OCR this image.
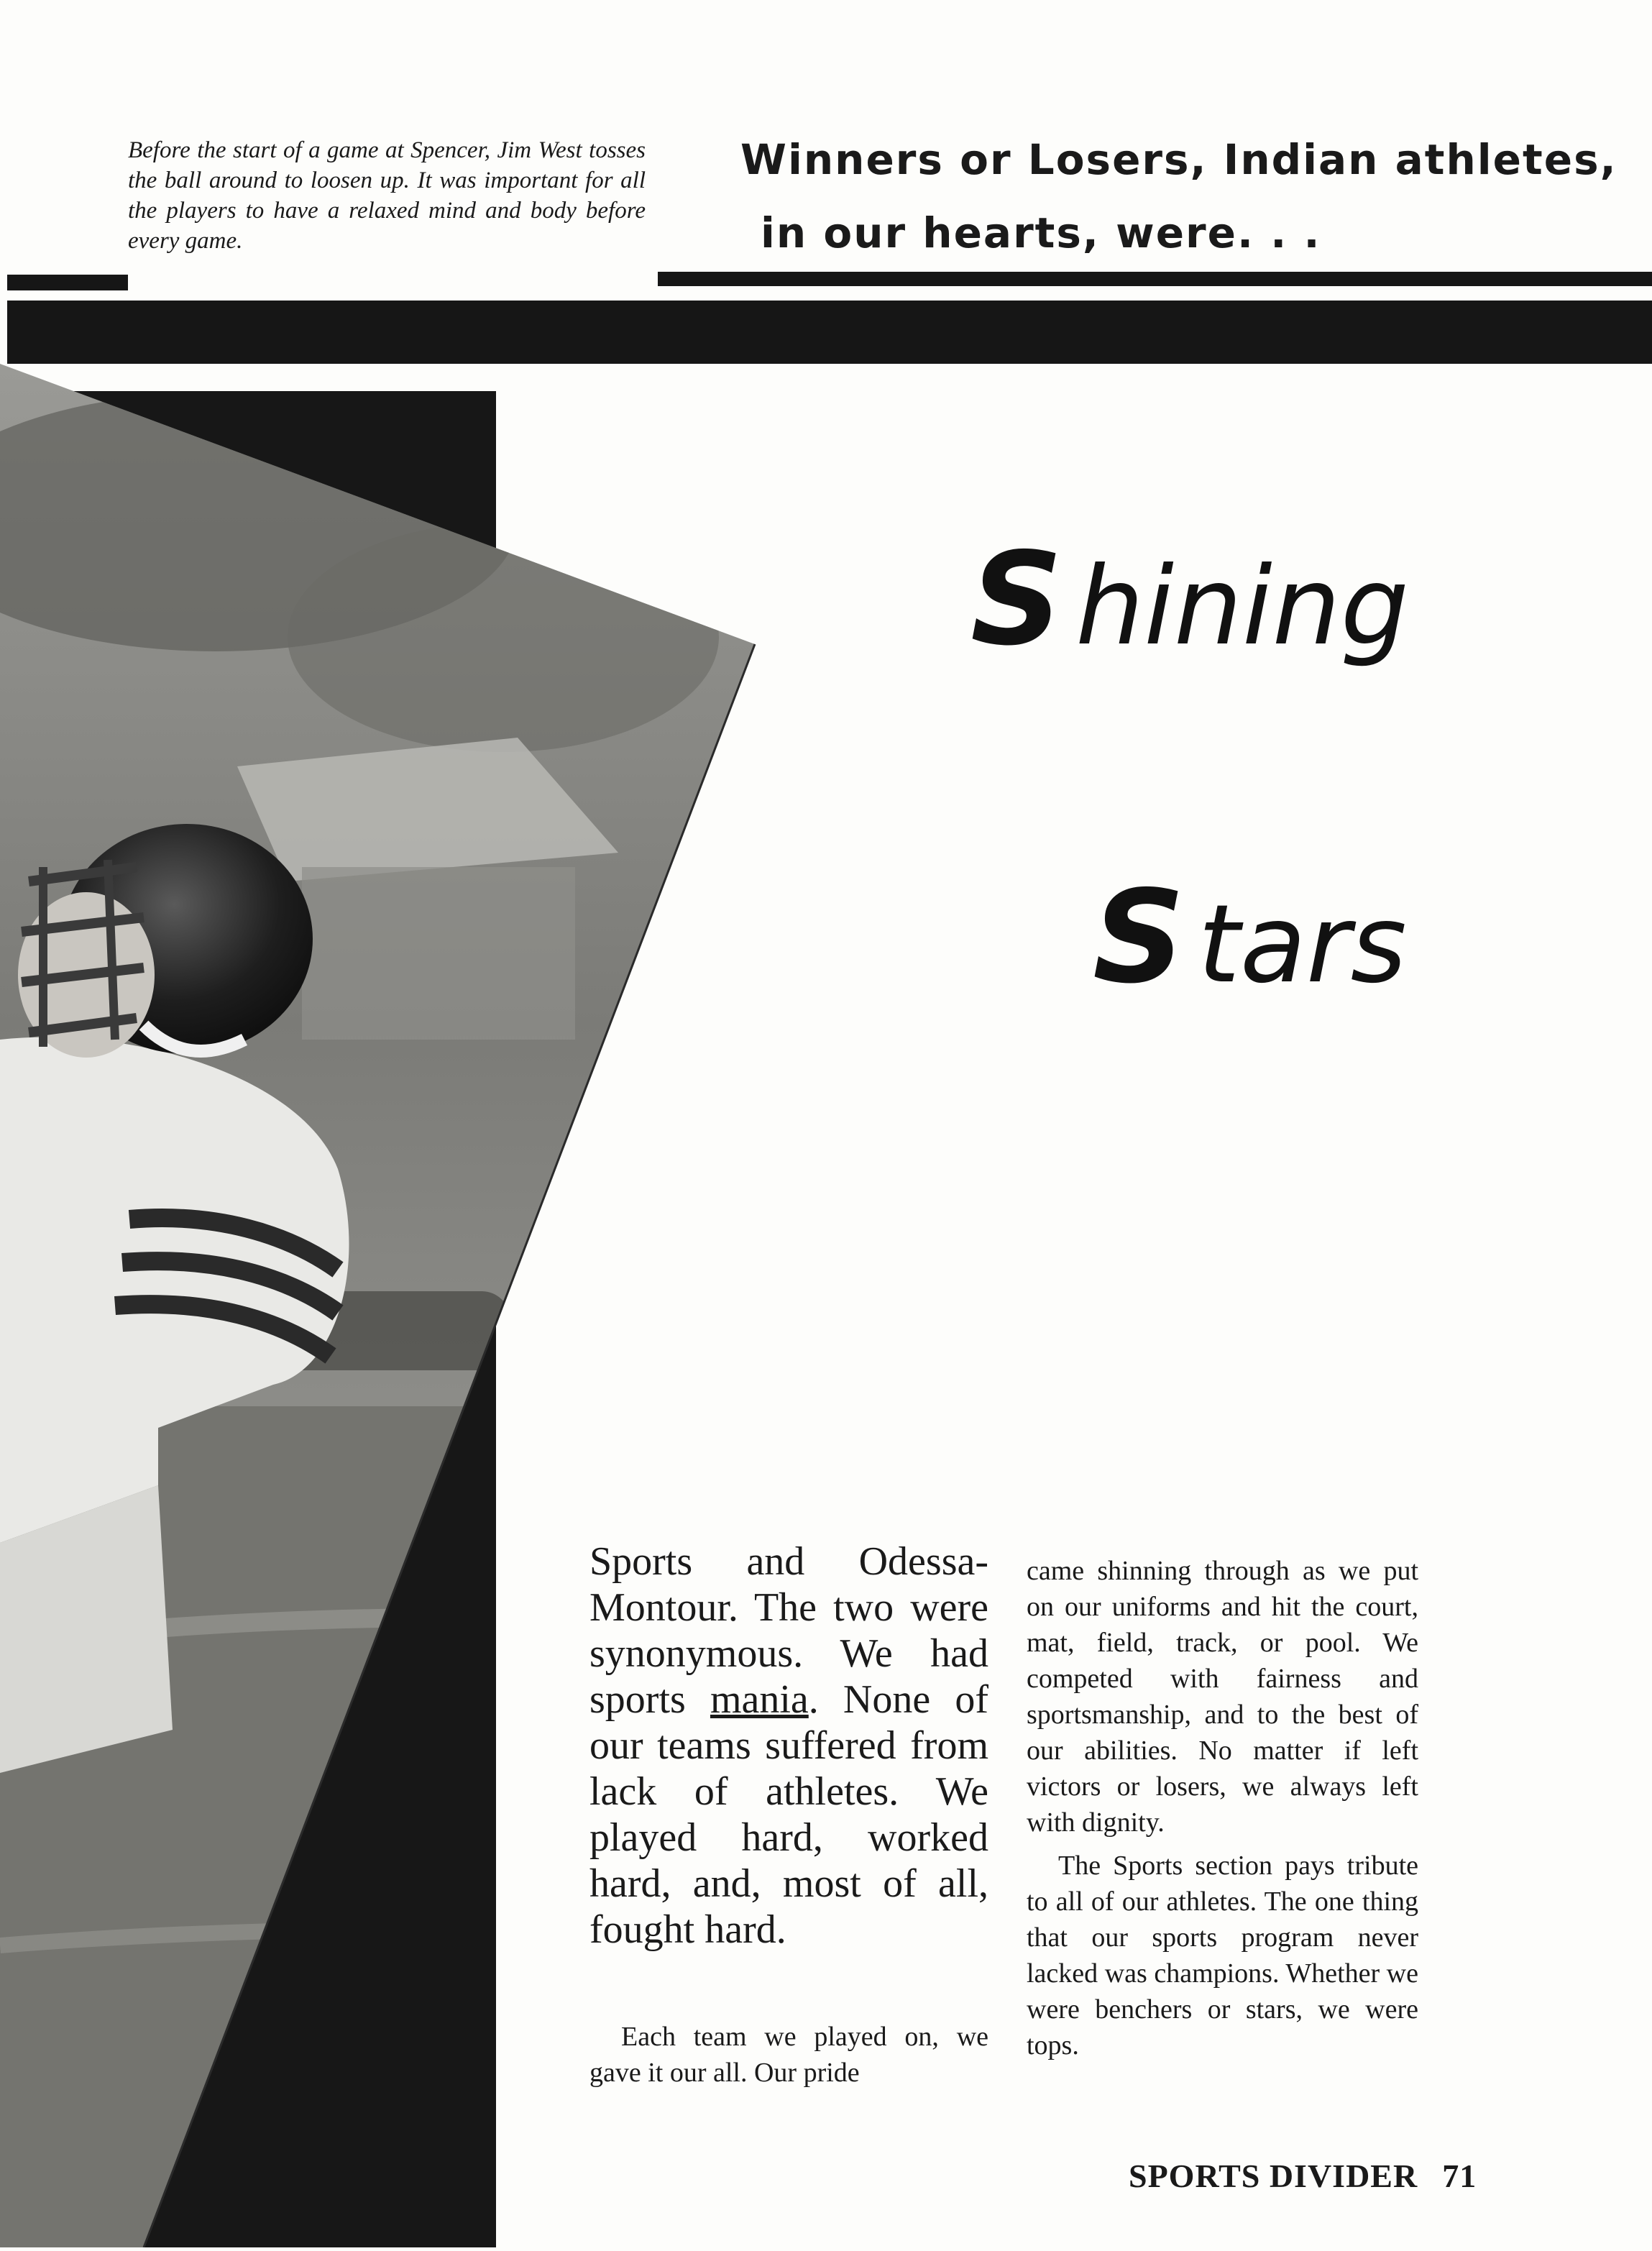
Before the start of a game at Spencer, Jim West tosses the ball around to loosen up. It was important for all the players to have a relaxed mind and body before every game.
Winners or Losers, Indian athletes,
in our hearts, were. . .
S hining
S tars
Sports and Odessa-Montour. The two were synonymous. We had sports mania. None of our teams suffered from lack of athletes. We played hard, worked hard, and, most of all, fought hard.
Each team we played on, we gave it our all. Our pride

came shinning through as we put on our uniforms and hit the court, mat, field, track, or pool. We competed with fairness and sportsmanship, and to the best of our abilities. No matter if left victors or losers, we always left with dignity.

The Sports section pays tribute to all of our athletes. The one thing that our sports program never lacked was champions. Whether we were benchers or stars, we were tops.

SPORTS DIVIDER 71
